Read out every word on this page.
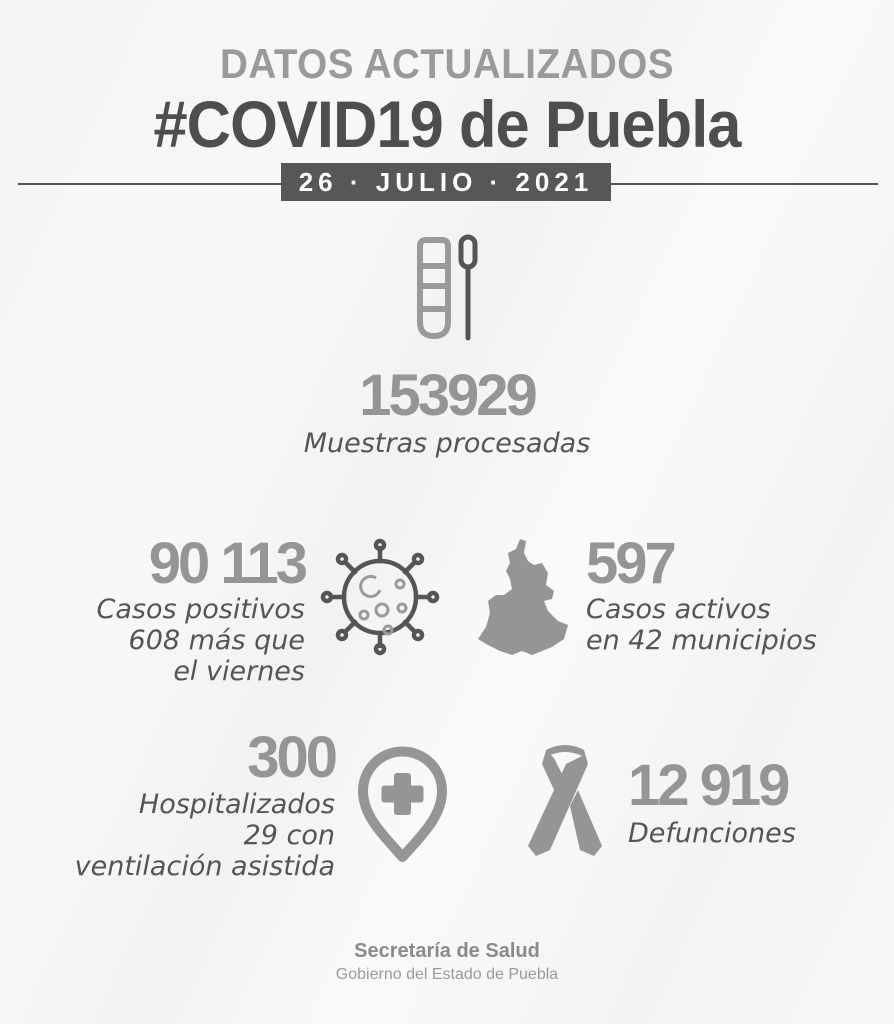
DATOS ACTUALIZADOS
#COVID19 de Puebla
26 · JULIO · 2021
153929
Muestras procesadas
90 113
Casos positivos
608 más que
el viernes
597
Casos activos
en 42 municipios
300
Hospitalizados
29 con
ventilación asistida
12 919
Defunciones
Secretaría de Salud
Gobierno del Estado de Puebla
